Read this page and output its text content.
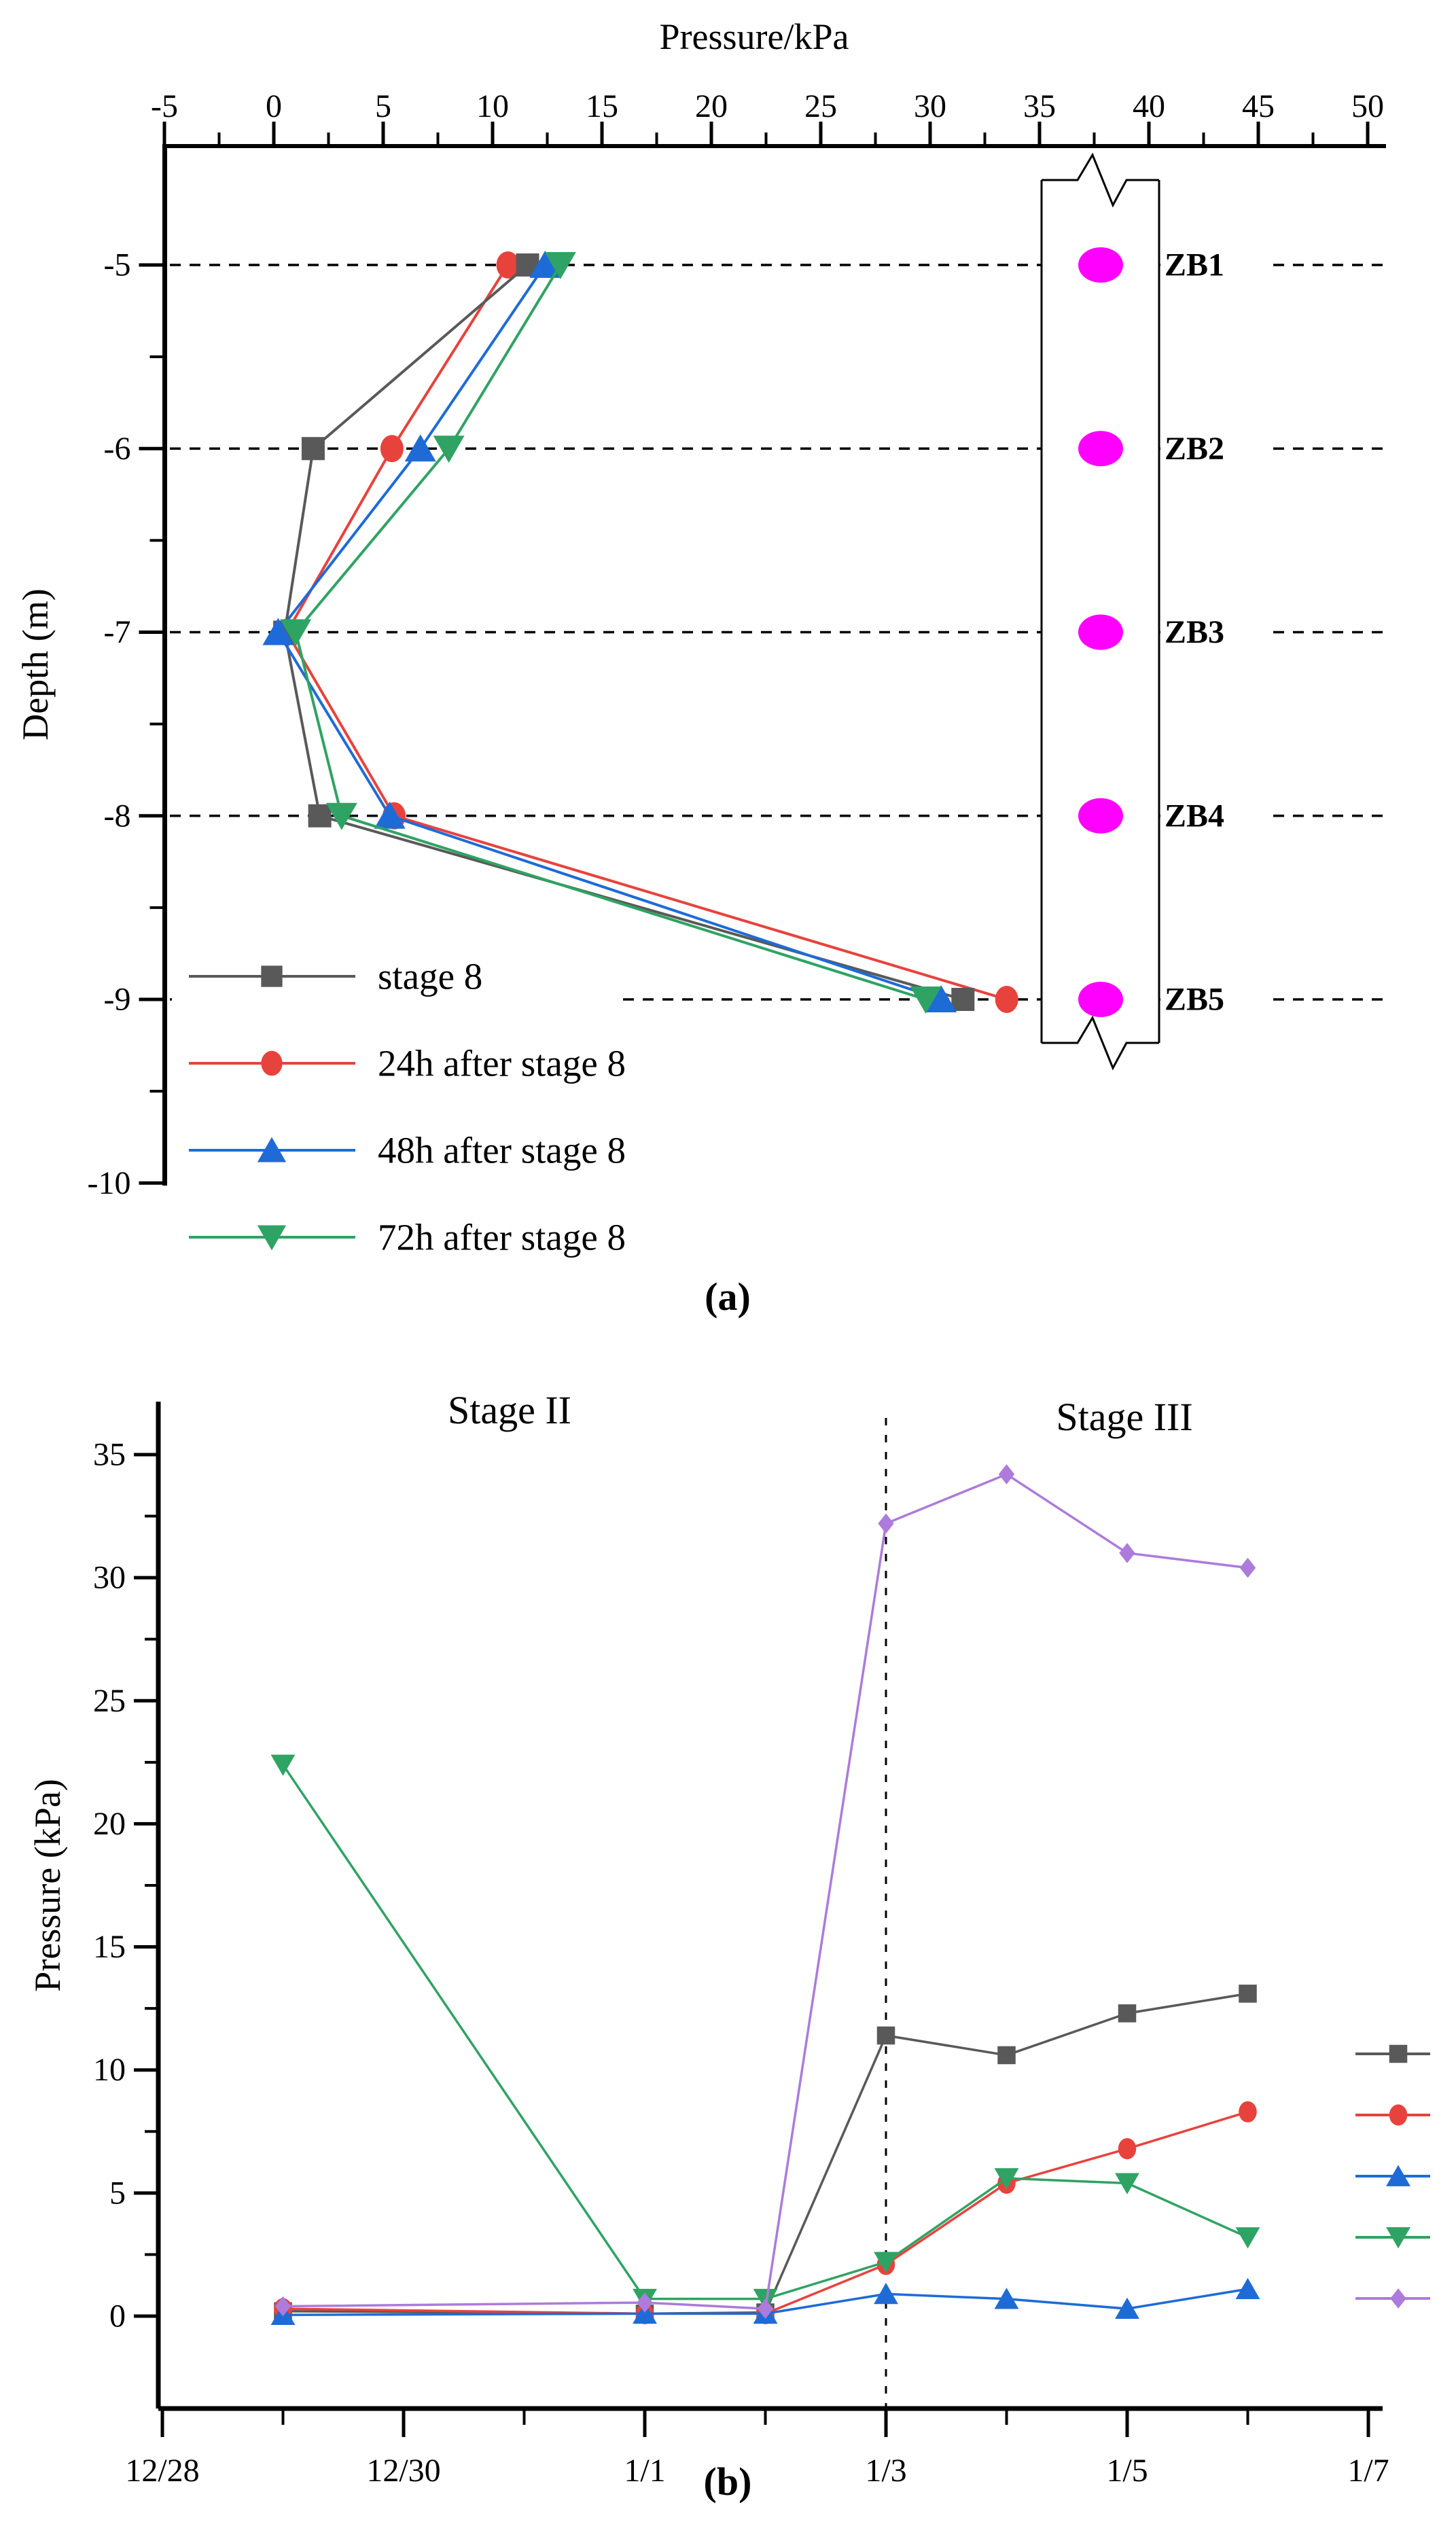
ZB1
ZB2
ZB3
ZB4
ZB5
stage 8
24h after stage 8
48h after stage 8
72h after stage 8
-5	0	5	10 15 20 25 30 35 40 45 50
-5
-6
-7
-8
-9
-10
Pressure/kPa
Depth (m)
(a)
12/28	12/30	1/1	1/3	1/5	1/7
0
5
10
15
20
25
30
35
Stage II	Stage III
Pressure (kPa)
(b)
